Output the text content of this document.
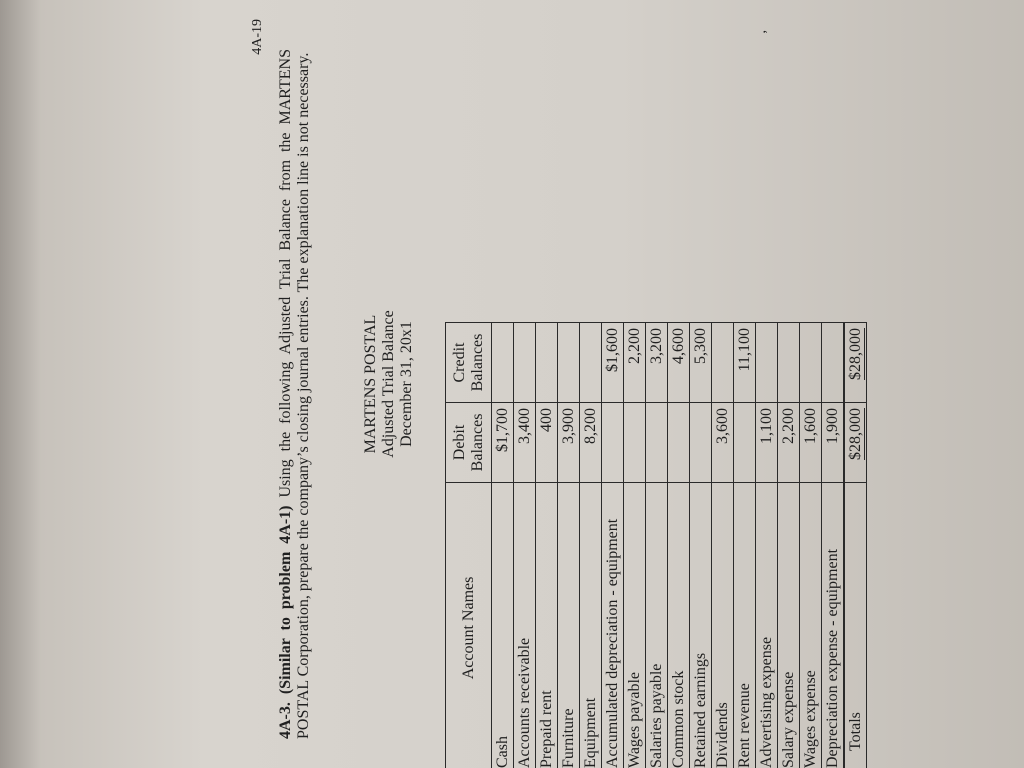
4A-19	,
4A-3. (Similar to problem 4A-1) Using the following Adjusted Trial Balance from the MARTENS POSTAL Corporation, prepare the company’s closing journal entries. The explanation line is not necessary.	MARTENS POSTAL Adjusted Trial Balance December 31, 20x1
Account Names	Debit Balances	Credit Balances
Cash	$1,700	
Accounts receivable	3,400	
Prepaid rent	400	
Furniture	3,900	
Equipment	8,200	
Accumulated depreciation - equipment		$1,600
Wages payable		2,200
Salaries payable		3,200
Common stock		4,600
Retained earnings		5,300
Dividends	3,600	
Rent revenue		11,100
Advertising expense	1,100	
Salary expense	2,200	
Wages expense	1,600	
Depreciation expense - equipment	1,900	
Totals	$28,000	$28,000
